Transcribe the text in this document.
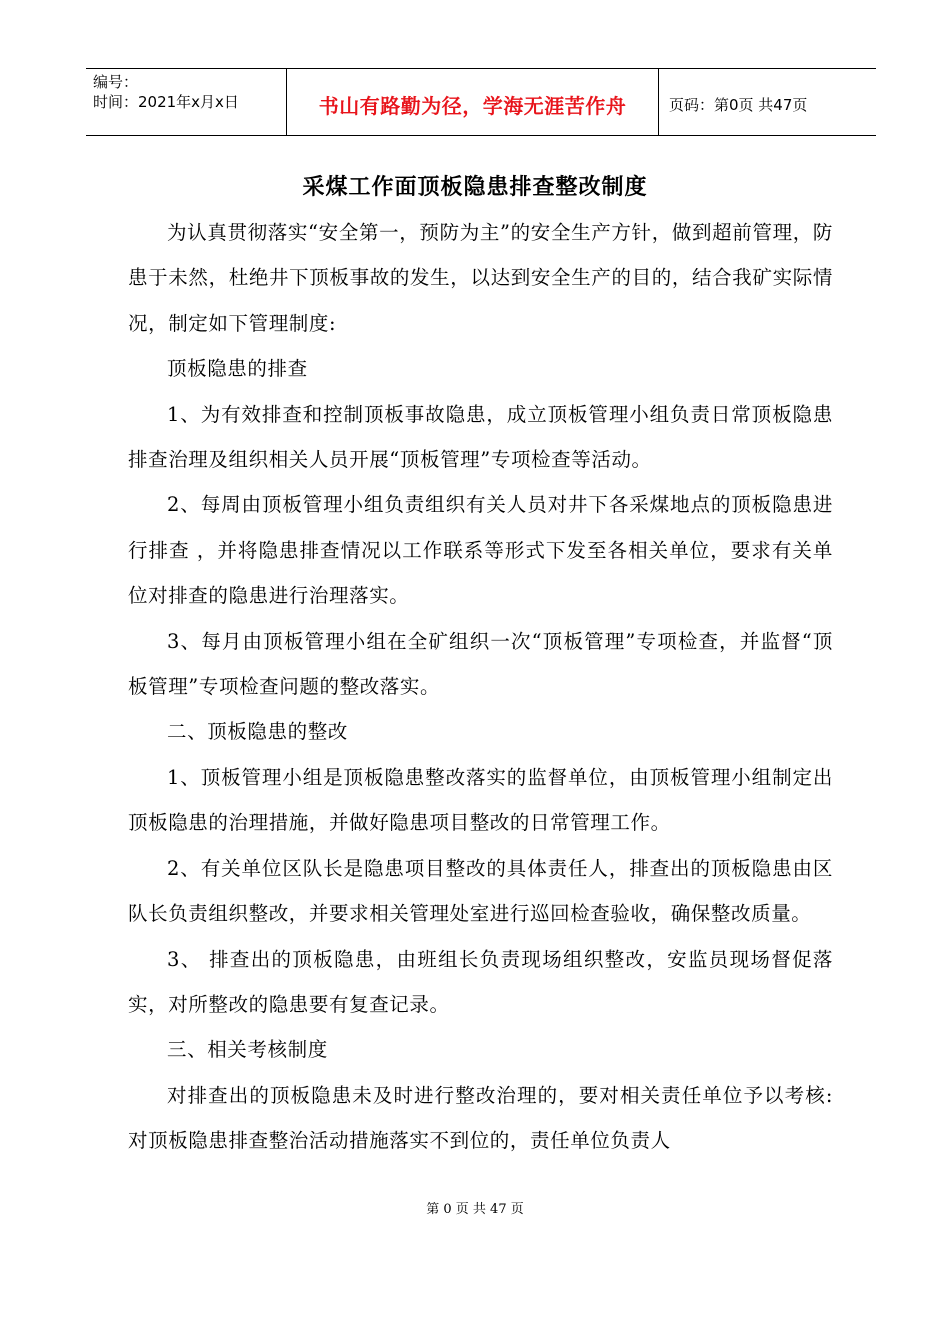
编号：
时间：2021年x月x日	书山有路勤为径，学海无涯苦作舟	页码：第0页 共47页
采煤工作面顶板隐患排查整改制度

为认真贯彻落实“安全第一，预防为主”的安全生产方针，做到超前管理，防患于未然，杜绝井下顶板事故的发生，以达到安全生产的目的，结合我矿实际情况，制定如下管理制度:

顶板隐患的排查

1、为有效排查和控制顶板事故隐患，成立顶板管理小组负责日常顶板隐患排查治理及组织相关人员开展“顶板管理”专项检查等活动。

2、每周由顶板管理小组负责组织有关人员对井下各采煤地点的顶板隐患进行排查 ，并将隐患排查情况以工作联系等形式下发至各相关单位，要求有关单位对排查的隐患进行治理落实。

3、每月由顶板管理小组在全矿组织一次“顶板管理”专项检查，并监督“顶板管理”专项检查问题的整改落实。

二、顶板隐患的整改

1、顶板管理小组是顶板隐患整改落实的监督单位，由顶板管理小组制定出顶板隐患的治理措施，并做好隐患项目整改的日常管理工作。

2、有关单位区队长是隐患项目整改的具体责任人，排查出的顶板隐患由区队长负责组织整改，并要求相关管理处室进行巡回检查验收，确保整改质量。

3、 排查出的顶板隐患，由班组长负责现场组织整改，安监员现场督促落实，对所整改的隐患要有复查记录。

三、相关考核制度

对排查出的顶板隐患未及时进行整改治理的，要对相关责任单位予以考核: 对顶板隐患排查整治活动措施落实不到位的，责任单位负责人

第 0 页 共 47 页
